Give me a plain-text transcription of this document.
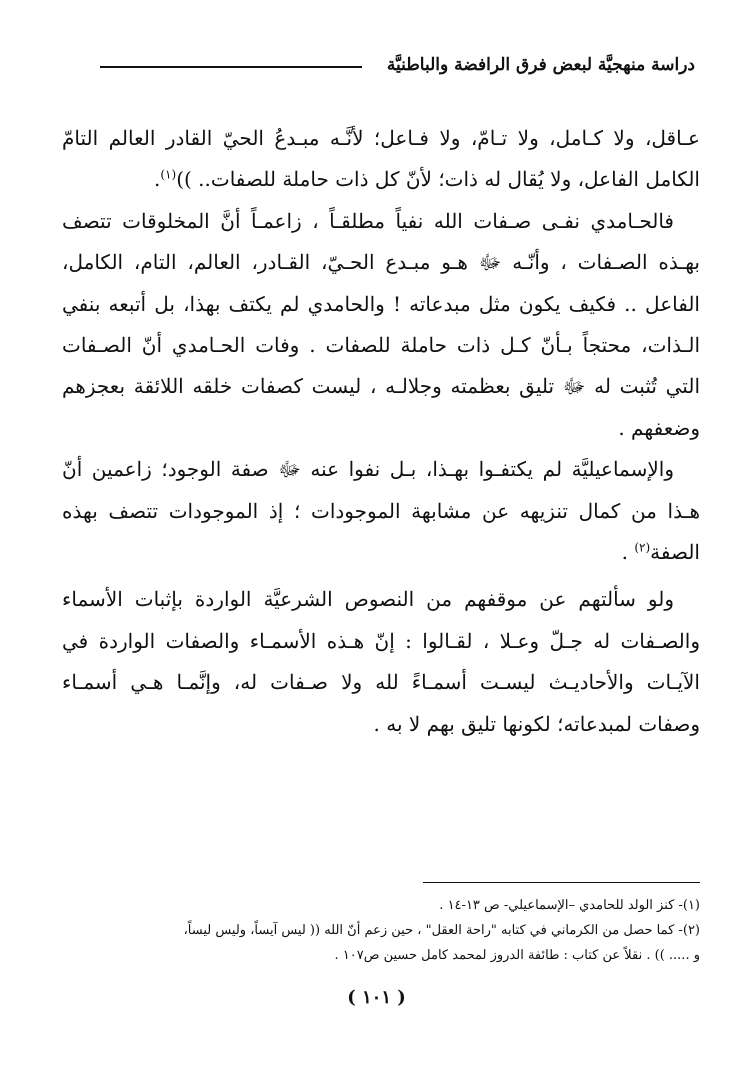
دراسة منهجيَّة لبعض فرق الرافضة والباطنيَّة

عـاقل، ولا كـامل، ولا تـامّ، ولا فـاعل؛ لأنَّـه مبـدعُ الحيّ القادر العالم التامّ الكامل الفاعل، ولا يُقال له ذات؛ لأنّ كل ذات حاملة للصفات.. ))$^{(١)}$.

فالحـامدي نفـى صـفات الله نفياً مطلقـاً ، زاعمـاً أنَّ المخلوقات تتصف بهـذه الصـفات ، وأنّـه ﷻ هـو مبـدع الحـيّ، القـادر، العالم، التام، الكامل، الفاعل .. فكيف يكون مثل مبدعاته ! والحامدي لم يكتف بهذا، بل أتبعه بنفي الـذات، محتجاً بـأنّ كـل ذات حاملة للصفات . وفات الحـامدي أنّ الصـفات التي تُثبت له ﷻ تليق بعظمته وجلالـه ، ليست كصفات خلقه اللائقة بعجزهم وضعفهم .

والإسماعيليَّة لم يكتفـوا بهـذا، بـل نفوا عنه ﷻ صفة الوجود؛ زاعمين أنّ هـذا من كمال تنزيهه عن مشابهة الموجودات ؛ إذ الموجودات تتصف بهذه الصفة$^{(٢)}$ .

ولو سألتهم عن موقفهم من النصوص الشرعيَّة الواردة بإثبات الأسماء والصـفات له جـلّ وعـلا ، لقـالوا : إنّ هـذه الأسمـاء والصفات الواردة في الآيـات والأحاديـث ليسـت أسمـاءً لله ولا صـفات له، وإنَّمـا هـي أسمـاء وصفات لمبدعاته؛ لكونها تليق بهم لا به .

(١)- كنز الولد للحامدي –الإسماعيلي- ص ١٣-١٤ .

(٢)- كما حصل من الكرماني في كتابه "راحة العقل" ، حين زعم أنّ الله (( ليس آيساً، وليس ليساً،

و ..... )) . نقلاً عن كتاب : طائفة الدروز لمحمد كامل حسين ص١٠٧ .

( ١٠١ )
